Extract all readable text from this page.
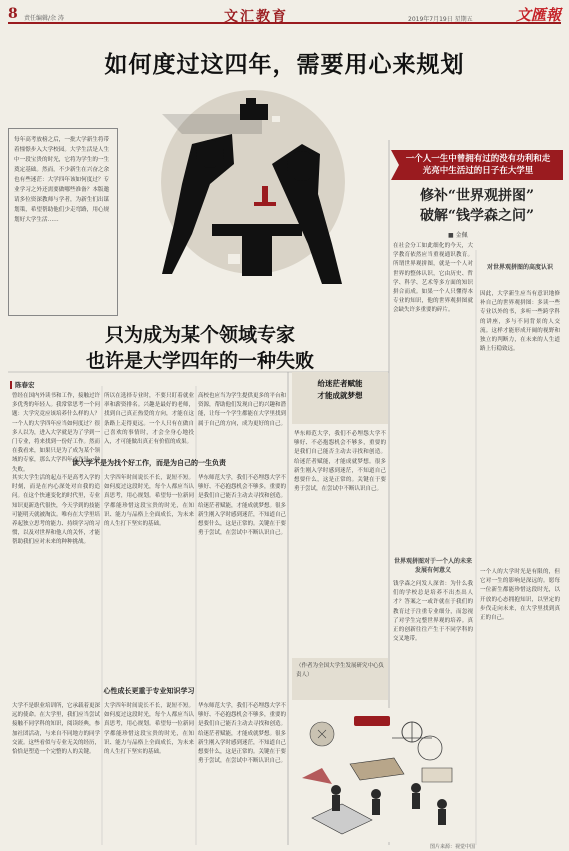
8 责任编辑/余 涛	文汇教育	2019年7月19日 星期五	文匯報
如何度过这四年，需要用心来规划
每年高考放榜之后，一批大学新生将带着憧憬步入大学校园。大学生活是人生中一段宝贵的时光，它将为学生的一生奠定基础。然而，不少新生在兴奋之余也有些迷茫：大学四年该如何度过？专业学习之外还需要做哪些准备？本版邀请多位资深教师与学者，为新生们出谋划策，希望帮助他们少走弯路，用心规划好大学生活……
一个人一生中曾拥有过的没有功利和走光亮中生活过的日子在大学里
修补“世界观拼图”
破解“钱学森之问”
■ 金佩
在社会分工如此细化的今天，大学教育依然应当重视通识教育。所谓世界观拼图，就是一个人对世界的整体认识，它由历史、哲学、科学、艺术等多方面的知识拼合而成。如果一个人只懂得本专业的知识，他的世界观拼图就会缺失许多重要的碎片。
世界观拼图对于一个人的未来发展有何意义
钱学森之问发人深省：为什么我们的学校总是培养不出杰出人才？答案之一或许就在于我们的教育过于注重专业细分，而忽视了对学生完整世界观的培养。真正的创新往往产生于不同学科的交叉地带。
对世界观拼图的高度认识
因此，大学新生应当有意识地修补自己的世界观拼图：多读一些专业以外的书，多听一些跨学科的讲座，多与不同背景的人交流。这样才能形成开阔的视野和独立的判断力，在未来的人生道路上行稳致远。
一个人的大学时光是有限的，但它对一生的影响是深远的。愿每一位新生都能珍惜这段时光，以开放的心态拥抱知识，以坚定的步伐走向未来，在大学里找到真正的自己。
只为成为某个领域专家
也许是大学四年的一种失败
陈春宏
曾经在国内外读书和工作，接触过许多优秀的年轻人。我常常思考一个问题：大学究竟应该培养什么样的人？一个人的大学四年应当如何度过？很多人以为，进入大学就是为了学到一门专业，将来找到一份好工作。然而在我看来，如果只是为了成为某个领域的专家，那么大学四年或许是一种失败。
所以在选择专业时，不要只盯着就业率和薪资排名。兴趣是最好的老师，找到自己真正热爱的方向，才能在这条路上走得更远。一个人只有在做自己喜欢的事情时，才会全身心地投入，才可能做出真正有价值的成果。
高校也应当为学生提供更多的平台和资源，帮助他们发现自己的兴趣和潜能，让每一个学生都能在大学里找到属于自己的方向，成为更好的自己。
读大学不是为找个好工作，而是为自己的一生负责
其实大学生活的起点不是高考入学的时刻，而是在内心深处对自我的追问。在这个快速变化的时代里，专业知识更新迭代很快，今天学到的技能可能明天就被淘汰。唯有在大学里培养起独立思考的能力、持续学习的习惯，以及对世界和他人的关怀，才能帮助我们应对未来的种种挑战。
大学四年时间说长不长，说短不短。如何度过这段时光，每个人都应当认真思考，用心规划。希望每一位新同学都能珍惜这段宝贵的时光，在知识、能力与品格上全面成长，为未来的人生打下坚实的基础。
华东师范大学，我们不必埋怨大学不够好、不必抱怨机会不够多，重要的是我们自己能否主动去寻找和创造。给迷茫者赋能，才能成就梦想。很多新生刚入学时感到迷茫，不知道自己想要什么，这是正常的。关键在于要勇于尝试，在尝试中不断认识自己。
心性成长更重于专业知识学习
大学不是职业培训所，它承载着更深远的使命。在大学里，我们应当尝试接触不同学科的知识，阅读经典，参加社团活动，与来自不同地方的同学交流。这些看似与专业无关的经历，恰恰是塑造一个完整的人的关键。
大学四年时间说长不长，说短不短。如何度过这段时光，每个人都应当认真思考，用心规划。希望每一位新同学都能珍惜这段宝贵的时光，在知识、能力与品格上全面成长，为未来的人生打下坚实的基础。
华东师范大学，我们不必埋怨大学不够好、不必抱怨机会不够多，重要的是我们自己能否主动去寻找和创造。给迷茫者赋能，才能成就梦想。很多新生刚入学时感到迷茫，不知道自己想要什么，这是正常的。关键在于要勇于尝试，在尝试中不断认识自己。
给迷茫者赋能
才能成就梦想
华东师范大学，我们不必埋怨大学不够好、不必抱怨机会不够多，重要的是我们自己能否主动去寻找和创造。给迷茫者赋能，才能成就梦想。很多新生刚入学时感到迷茫，不知道自己想要什么，这是正常的。关键在于要勇于尝试，在尝试中不断认识自己。
（作者为全国大学生发展研究中心负责人）
图片来源：视觉中国
